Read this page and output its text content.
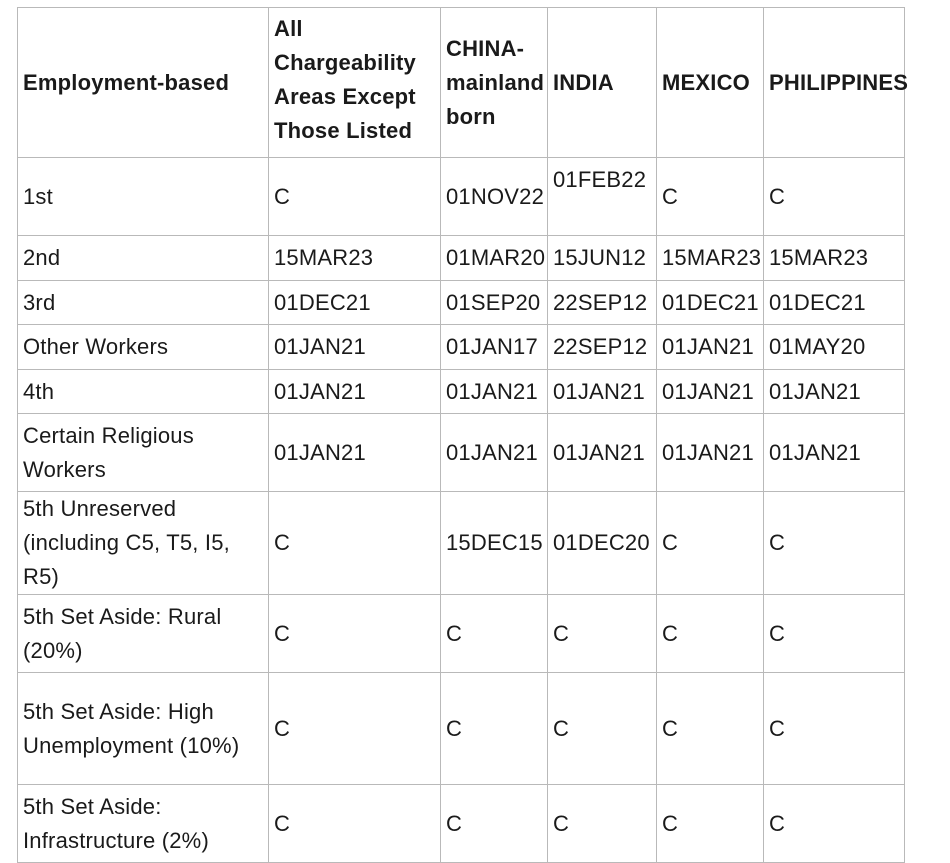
Employment-based	All Chargeability Areas Except Those Listed	CHINA-mainland born	INDIA	MEXICO	PHILIPPINES
1st	C	01NOV22	01FEB22	C	C
2nd	15MAR23	01MAR20	15JUN12	15MAR23	15MAR23
3rd	01DEC21	01SEP20	22SEP12	01DEC21	01DEC21
Other Workers	01JAN21	01JAN17	22SEP12	01JAN21	01MAY20
4th	01JAN21	01JAN21	01JAN21	01JAN21	01JAN21
Certain Religious Workers	01JAN21	01JAN21	01JAN21	01JAN21	01JAN21
5th Unreserved (including C5, T5, I5, R5)	C	15DEC15	01DEC20	C	C
5th Set Aside: Rural (20%)	C	C	C	C	C
5th Set Aside: High Unemployment (10%)	C	C	C	C	C
5th Set Aside: Infrastructure (2%)	C	C	C	C	C
